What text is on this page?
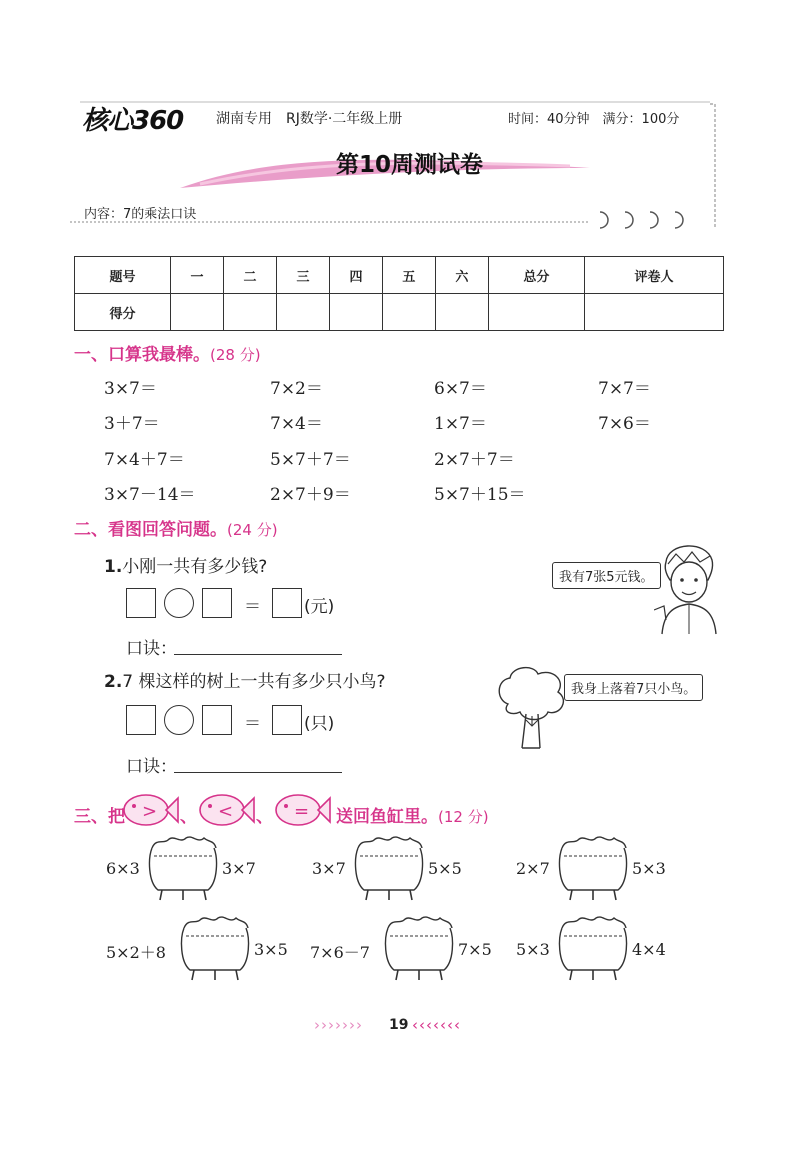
核心360 湖南专用　RJ数学·二年级上册	时间：40分钟　满分：100分
第10周测试卷
内容：7的乘法口诀
题号	一	二	三	四	五	六	总分	评卷人
得分								
一、口算我最棒。(28 分)
3×7＝	7×2＝	6×7＝	7×7＝
3＋7＝	7×4＝	1×7＝	7×6＝
7×4＋7＝	5×7＋7＝	2×7＋7＝
3×7－14＝	2×7＋9＝	5×7＋15＝
二、看图回答问题。(24 分)
1.小刚一共有多少钱?
＝	(元)
口诀：
我有7张5元钱。
2.7 棵这样的树上一共有多少只小鸟?
＝	(只)
口诀：
我身上落着7只小鸟。
三、把 > 、 < 、 = 送回鱼缸里。(12 分)
6×3	3×7	3×7	5×5	2×7	5×3
5×2＋8	3×5 7×6－7	7×5 5×3	4×4
››››››› 19 ‹‹‹‹‹‹‹
